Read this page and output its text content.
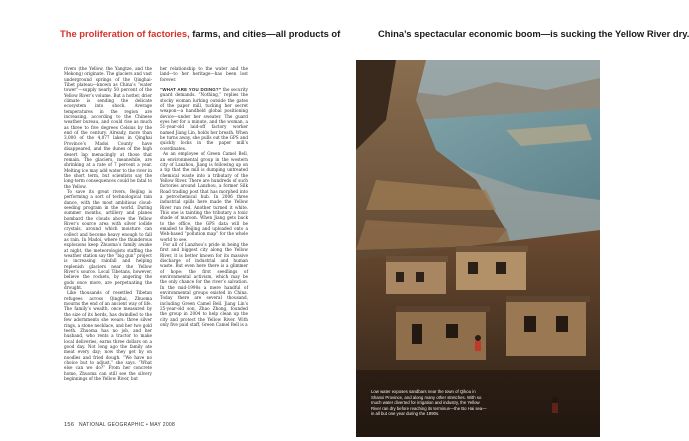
The proliferation of factories, farms, and cities—all products of	China’s spectacular economic boom—is sucking the Yellow River dry.

rivers (the Yellow, the Yangtze, and the Mekong) originate. The glaciers and vast underground springs of the Qinghai-Tibet plateau—known as China’s “water tower”—supply nearly 50 percent of the Yellow River’s volume. But a hotter, drier climate is sending the delicate ecosystem into shock. Average temperatures in the region are increasing, according to the Chinese weather bureau, and could rise as much as three to five degrees Celsius by the end of the century. Already, more than 3,000 of the 4,077 lakes in Qinghai Province’s Madoi County have disappeared, and the dunes of the high desert lap menacingly at those that remain. The glaciers, meanwhile, are shrinking at a rate of 7 percent a year. Melting ice may add water to the river in the short term, but scientists say the long-term consequences could be fatal to the Yellow.

To save its great rivers, Beijing is performing a sort of technological rain dance, with the most ambitious cloud-seeding program in the world. During summer months, artillery and planes bombard the clouds above the Yellow River’s source area with silver iodide crystals, around which moisture can collect and become heavy enough to fall as rain. In Madoi, where the thunderous explosions keep Zhuoma’s family awake at night, the meteorologists staffing the weather station say the “big gun” project is increasing rainfall and helping replenish glaciers near the Yellow River’s source. Local Tibetans, however, believe the rockets, by angering the gods once more, are perpetuating the drought.

Like thousands of resettled Tibetan refugees across Qinghai, Zhuoma mourns the end of an ancient way of life. The family’s wealth, once measured by the size of its herds, has dwindled to the few adornments she wears: three silver rings, a stone necklace, and her two gold teeth. Zhuoma has no job, and her husband, who rents a tractor to make local deliveries, earns three dollars on a good day. Not long ago the family ate meat every day; now they get by on noodles and fried dough. “We have no choice but to adjust,” she says. “What else can we do?” From her concrete home, Zhuoma can still see the silvery beginnings of the Yellow River, but

her relationship to the water and the land—to her heritage—has been lost forever.

“WHAT ARE YOU DOING?” the security guard demands. “Nothing,” replies the stocky woman lurking outside the gates of the paper mill, tucking her secret weapon—a handheld global positioning device—under her sweater. The guard eyes her for a minute, and the woman, a 51-year-old laid-off factory worker named Jiang Lin, holds her breath. When he turns away, she pulls out the GPS and quickly locks in the paper mill’s coordinates.

As an employee of Green Camel Bell, an environmental group in the western city of Lanzhou, Jiang is following up on a tip that the mill is dumping untreated chemical waste into a tributary of the Yellow River. There are hundreds of such factories around Lanzhou, a former Silk Road trading post that has morphed into a petrochemical hub. In 2006 three industrial spills here made the Yellow River run red. Another turned it white. This one is tainting the tributary a toxic shade of maroon. When Jiang gets back to the office, the GPS data will be emailed to Beijing and uploaded onto a Web-based “pollution map” for the whole world to see.

For all of Lanzhou’s pride in being the first and biggest city along the Yellow River, it is better known for its massive discharge of industrial and human waste. But even here there is a glimmer of hope: the first seedlings of environmental activism, which may be the only chance for the river’s salvation. In the mid-1990s a mere handful of environmental groups existed in China. Today there are several thousand, including Green Camel Bell. Jiang Lin’s 25-year-old son, Zhao Zhong, founded the group in 2004 to help clean up the city and protect the Yellow River. With only five paid staff, Green Camel Bell is a

Low water exposes sandbars near the town of Qikou in Shanxi Province, and along many other stretches. With so much water diverted for irrigation and industry, the Yellow River ran dry before reaching its terminus—the Bo Hai sea—in all but one year during the 1990s.
156 NATIONAL GEOGRAPHIC • MAY 2008
